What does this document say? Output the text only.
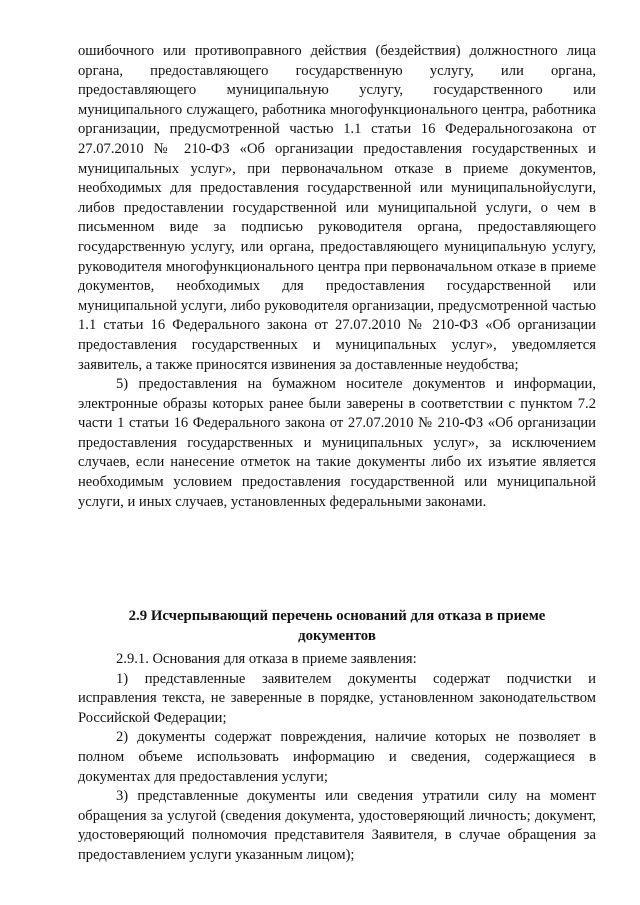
ошибочного или противоправного действия (бездействия) должностного лица органа, предоставляющего государственную услугу, или органа, предоставляющего муниципальную услугу, государственного или муниципального служащего, работника многофункционального центра, работника организации, предусмотренной частью 1.1 статьи 16 Федеральногозакона от 27.07.2010 № 210-ФЗ «Об организации предоставления государственных и муниципальных услуг», при первоначальном отказе в приеме документов, необходимых для предоставления государственной или муниципальнойуслуги, либов предоставлении государственной или муниципальной услуги, о чем в письменном виде за подписью руководителя органа, предоставляющего государственную услугу, или органа, предоставляющего муниципальную услугу, руководителя многофункционального центра при первоначальном отказе в приеме документов, необходимых для предоставления государственной или муниципальной услуги, либо руководителя организации, предусмотренной частью 1.1 статьи 16 Федерального закона от 27.07.2010 № 210-ФЗ «Об организации предоставления государственных и муниципальных услуг», уведомляется заявитель, а также приносятся извинения за доставленные неудобства;

5) предоставления на бумажном носителе документов и информации, электронные образы которых ранее были заверены в соответствии с пунктом 7.2 части 1 статьи 16 Федерального закона от 27.07.2010 № 210-ФЗ «Об организации предоставления государственных и муниципальных услуг», за исключением случаев, если нанесение отметок на такие документы либо их изъятие является необходимым условием предоставления государственной или муниципальной услуги, и иных случаев, установленных федеральными законами.

2.9 Исчерпывающий перечень оснований для отказа в приеме
документов

2.9.1. Основания для отказа в приеме заявления:

1) представленные заявителем документы содержат подчистки и исправления текста, не заверенные в порядке, установленном законодательством Российской Федерации;

2) документы содержат повреждения, наличие которых не позволяет в полном объеме использовать информацию и сведения, содержащиеся в документах для предоставления услуги;

3) представленные документы или сведения утратили силу на момент обращения за услугой (сведения документа, удостоверяющий личность; документ, удостоверяющий полномочия представителя Заявителя, в случае обращения за предоставлением услуги указанным лицом);
